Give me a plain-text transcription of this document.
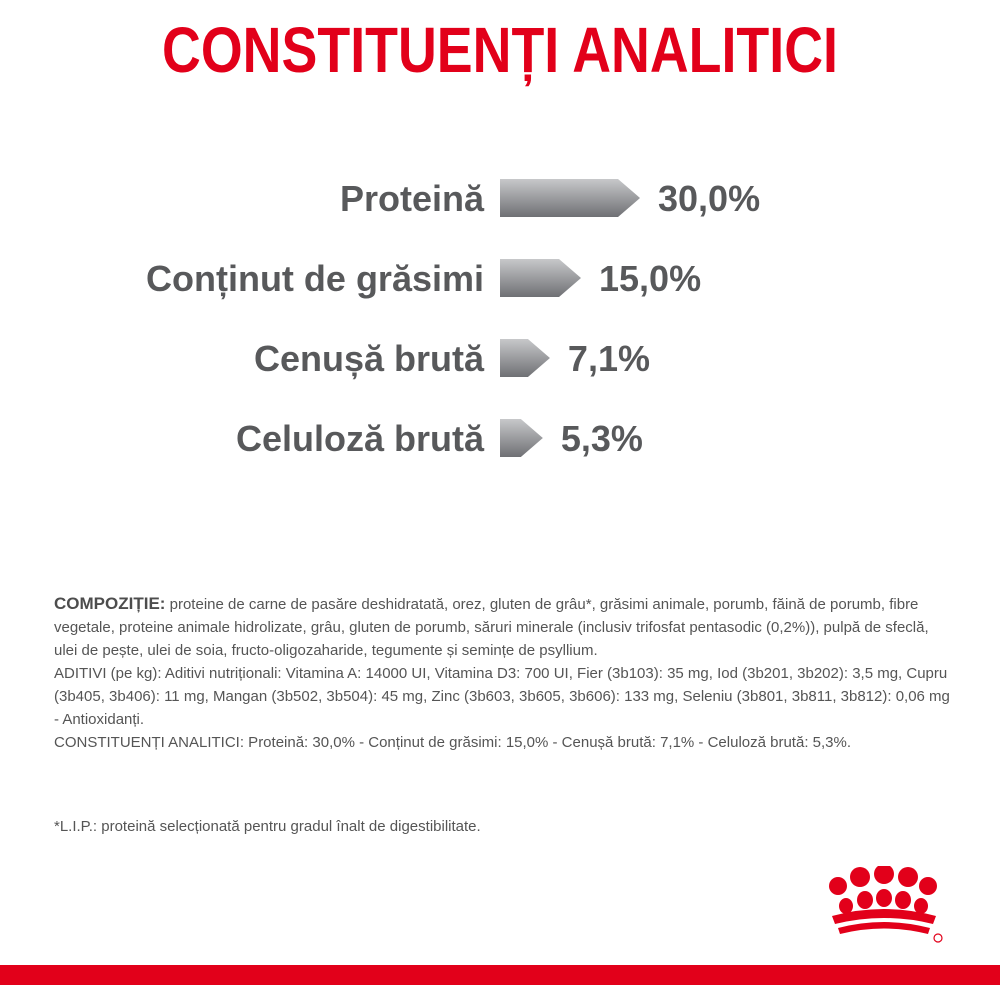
CONSTITUENȚI ANALITICI
Proteină	30,0%
Conținut de grăsimi	15,0%
Cenușă brută 7,1%
Celuloză brută 5,3%

COMPOZIȚIE: proteine de carne de pasăre deshidratată, orez, gluten de grâu*, grăsimi animale, porumb, făină de porumb, fibre vegetale, proteine animale hidrolizate, grâu, gluten de porumb, săruri minerale (inclusiv trifosfat pentasodic (0,2%)), pulpă de sfeclă, ulei de pește, ulei de soia, fructo-oligozaharide, tegumente și semințe de psyllium.

ADITIVI (pe kg): Aditivi nutriționali: Vitamina A: 14000 UI, Vitamina D3: 700 UI, Fier (3b103): 35 mg, Iod (3b201, 3b202): 3,5 mg, Cupru (3b405, 3b406): 11 mg, Mangan (3b502, 3b504): 45 mg, Zinc (3b603, 3b605, 3b606): 133 mg, Seleniu (3b801, 3b811, 3b812): 0,06 mg - Antioxidanți.

CONSTITUENȚI ANALITICI: Proteină: 30,0% - Conținut de grăsimi: 15,0% - Cenușă brută: 7,1% - Celuloză brută: 5,3%.

*L.I.P.: proteină selecționată pentru gradul înalt de digestibilitate.
